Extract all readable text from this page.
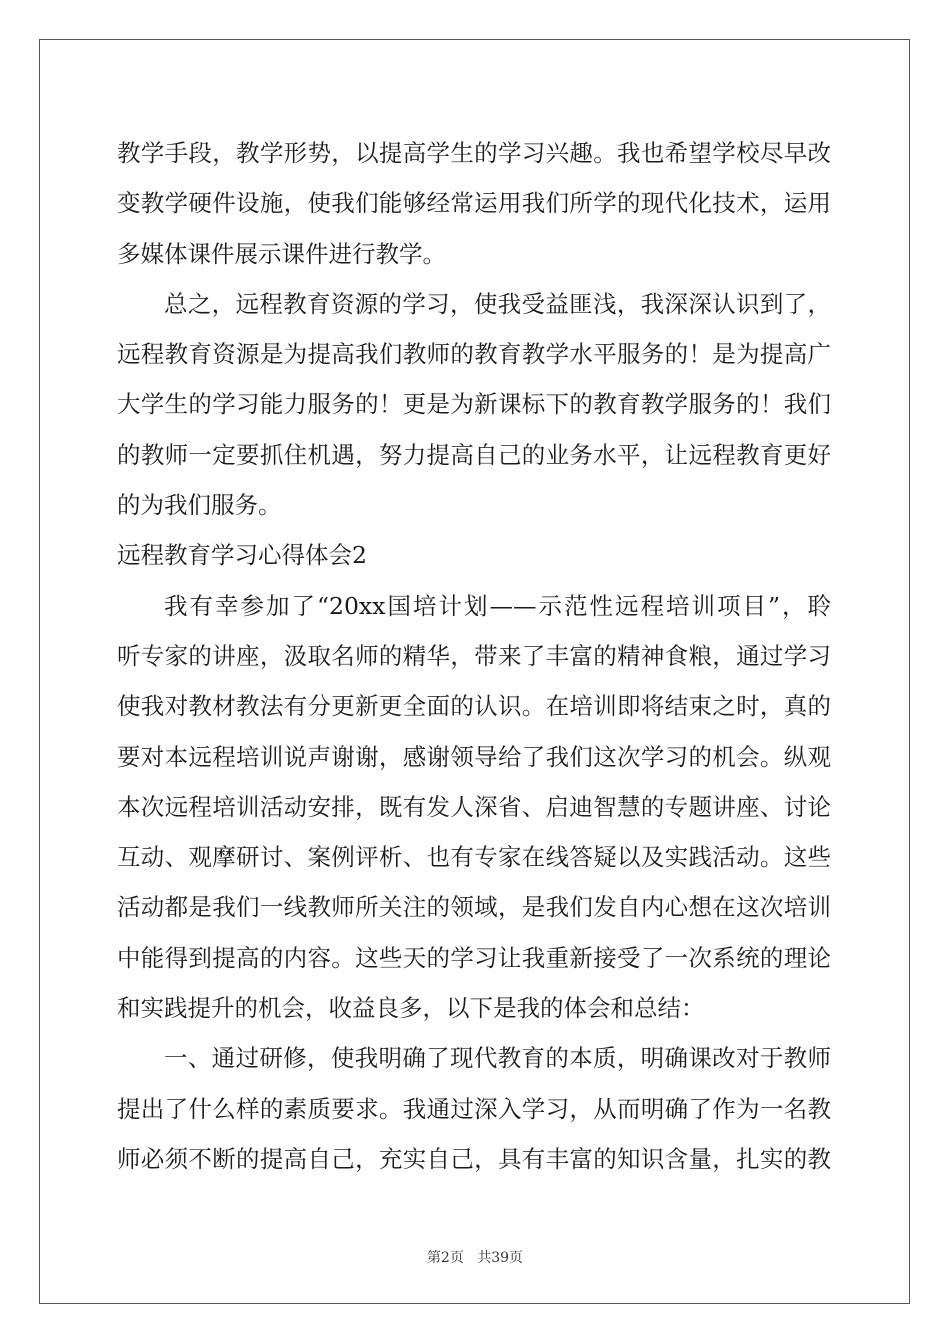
教学手段，教学形势，以提高学生的学习兴趣。我也希望学校尽早改
变教学硬件设施，使我们能够经常运用我们所学的现代化技术，运用
多媒体课件展示课件进行教学。
总之，远程教育资源的学习，使我受益匪浅，我深深认识到了，
远程教育资源是为提高我们教师的教育教学水平服务的！是为提高广
大学生的学习能力服务的！更是为新课标下的教育教学服务的！我们
的教师一定要抓住机遇，努力提高自己的业务水平，让远程教育更好
的为我们服务。
远程教育学习心得体会2
我有幸参加了“20xx国培计划——示范性远程培训项目”，聆
听专家的讲座，汲取名师的精华，带来了丰富的精神食粮，通过学习
使我对教材教法有分更新更全面的认识。在培训即将结束之时，真的
要对本远程培训说声谢谢，感谢领导给了我们这次学习的机会。纵观
本次远程培训活动安排，既有发人深省、启迪智慧的专题讲座、讨论
互动、观摩研讨、案例评析、也有专家在线答疑以及实践活动。这些
活动都是我们一线教师所关注的领域，是我们发自内心想在这次培训
中能得到提高的内容。这些天的学习让我重新接受了一次系统的理论
和实践提升的机会，收益良多，以下是我的体会和总结：
一、通过研修，使我明确了现代教育的本质，明确课改对于教师
提出了什么样的素质要求。我通过深入学习，从而明确了作为一名教
师必须不断的提高自己，充实自己，具有丰富的知识含量，扎实的教
第2页 共39页
